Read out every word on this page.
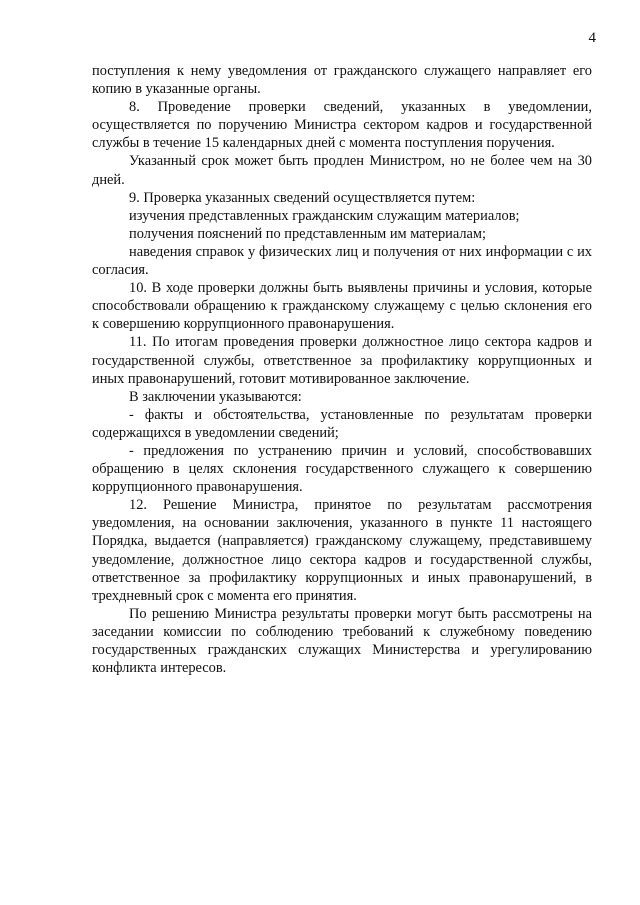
4

поступления к нему уведомления от гражданского служащего направляет его копию в указанные органы.

8. Проведение проверки сведений, указанных в уведомлении, осуществляется по поручению Министра сектором кадров и государственной службы в течение 15 календарных дней с момента поступления поручения.

Указанный срок может быть продлен Министром, но не более чем на 30 дней.

9. Проверка указанных сведений осуществляется путем:

изучения представленных гражданским служащим материалов;

получения пояснений по представленным им материалам;

наведения справок у физических лиц и получения от них информации с их согласия.

10. В ходе проверки должны быть выявлены причины и условия, которые способствовали обращению к гражданскому служащему с целью склонения его к совершению коррупционного правонарушения.

11. По итогам проведения проверки должностное лицо сектора кадров и государственной службы, ответственное за профилактику коррупционных и иных правонарушений, готовит мотивированное заключение.

В заключении указываются:

- факты и обстоятельства, установленные по результатам проверки содержащихся в уведомлении сведений;

- предложения по устранению причин и условий, способствовавших обращению в целях склонения государственного служащего к совершению коррупционного правонарушения.

12. Решение Министра, принятое по результатам рассмотрения уведомления, на основании заключения, указанного в пункте 11 настоящего Порядка, выдается (направляется) гражданскому служащему, представившему уведомление, должностное лицо сектора кадров и государственной службы, ответственное за профилактику коррупционных и иных правонарушений, в трехдневный срок с момента его принятия.

По решению Министра результаты проверки могут быть рассмотрены на заседании комиссии по соблюдению требований к служебному поведению государственных гражданских служащих Министерства и урегулированию конфликта интересов.
